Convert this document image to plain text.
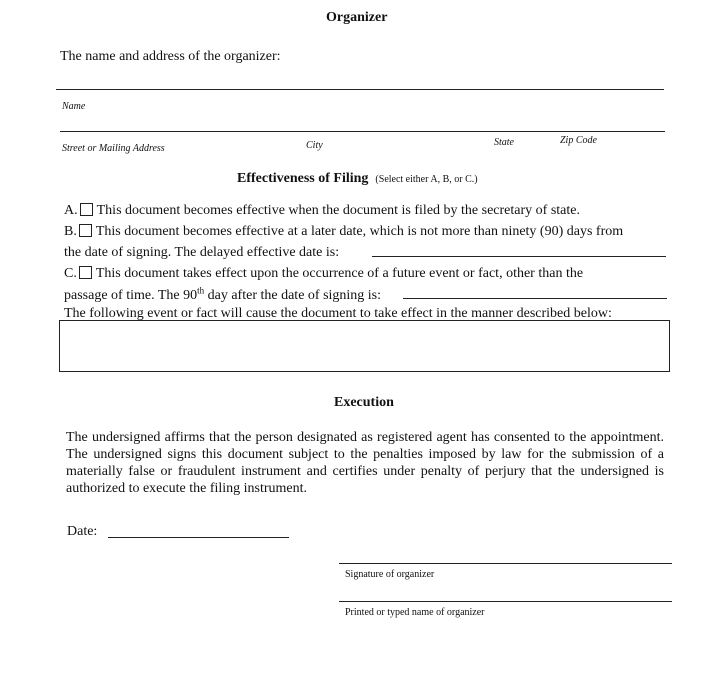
Organizer
The name and address of the organizer:
Name
Street or Mailing Address	City	State	Zip Code
Effectiveness of Filing (Select either A, B, or C.)
A. This document becomes effective when the document is filed by the secretary of state.
B. This document becomes effective at a later date, which is not more than ninety (90) days from
the date of signing. The delayed effective date is:
C. This document takes effect upon the occurrence of a future event or fact, other than the
passage of time. The 90th day after the date of signing is:
The following event or fact will cause the document to take effect in the manner described below:
Execution
The undersigned affirms that the person designated as registered agent has consented to the appointment. The undersigned signs this document subject to the penalties imposed by law for the submission of a materially false or fraudulent instrument and certifies under penalty of perjury that the undersigned is authorized to execute the filing instrument.
Date:
Signature of organizer
Printed or typed name of organizer
